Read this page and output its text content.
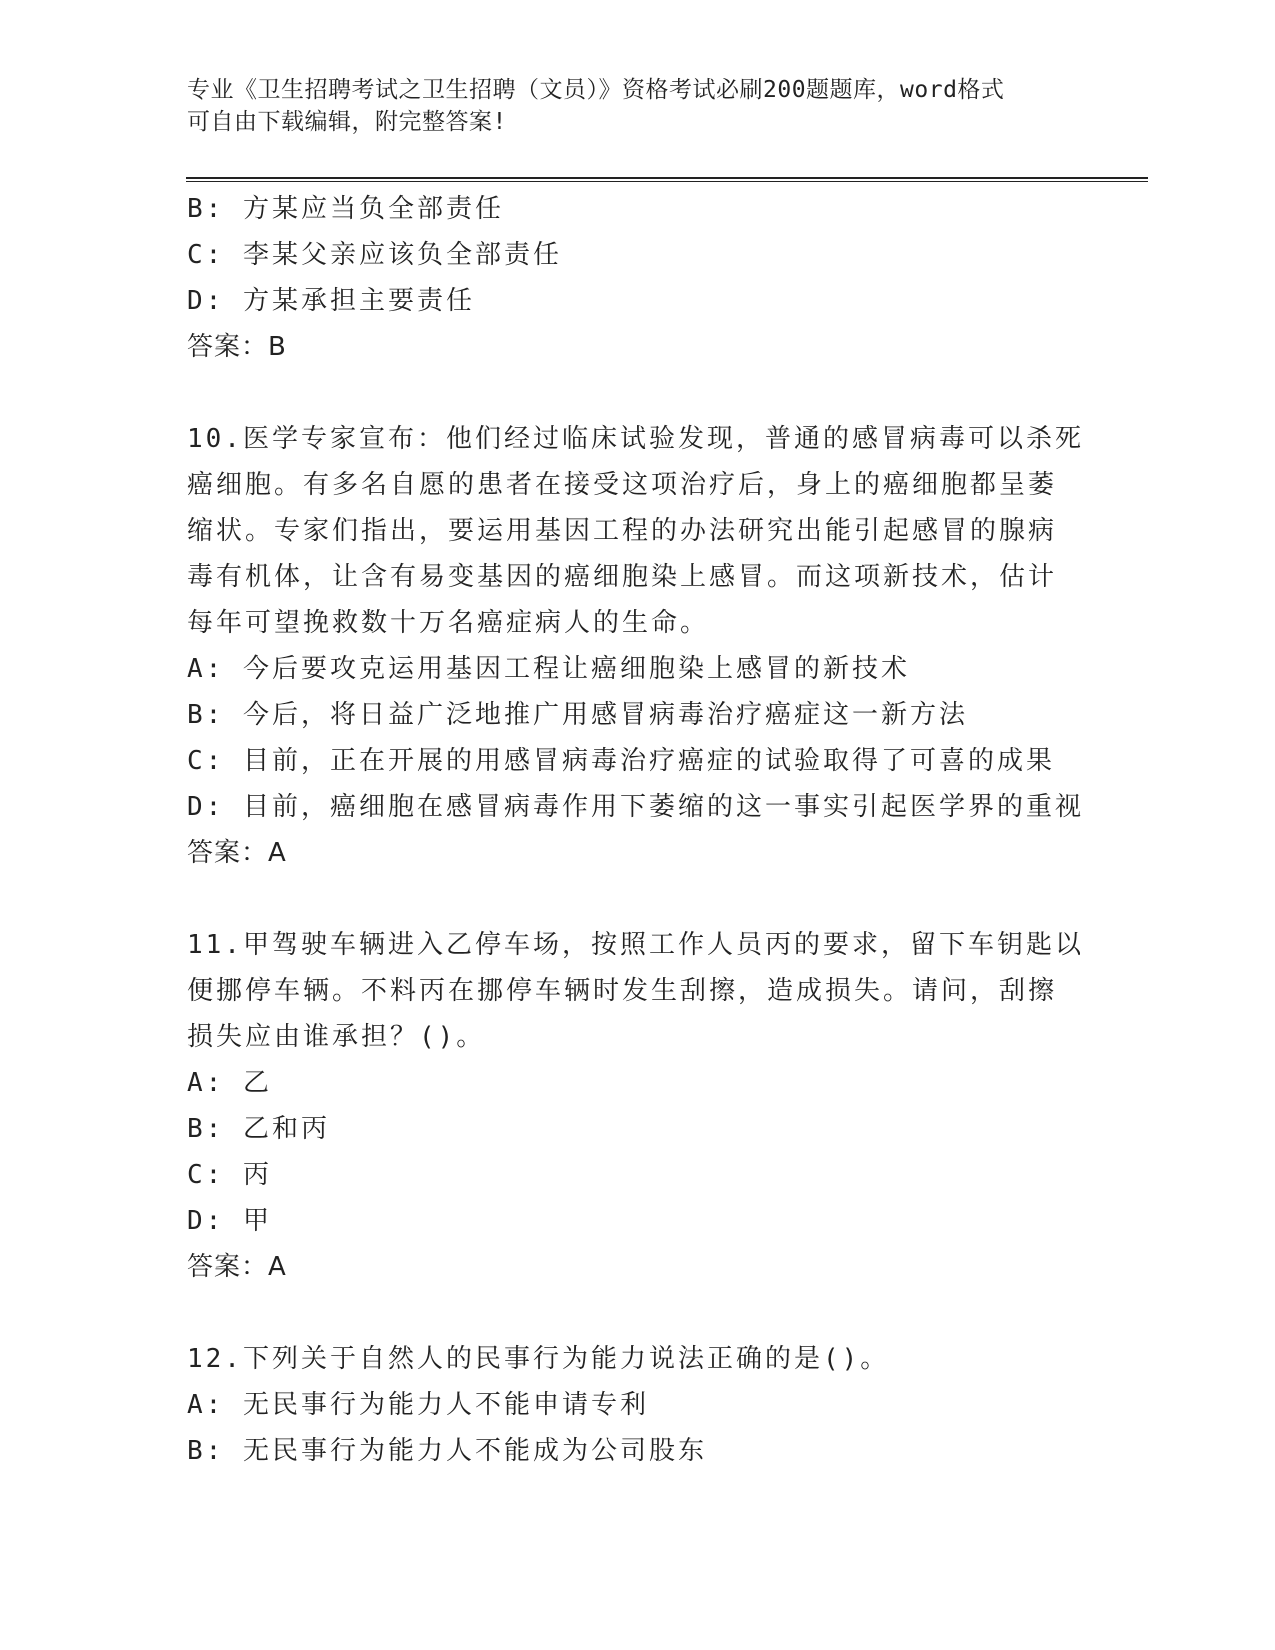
专业《卫生招聘考试之卫生招聘（文员）》资格考试必刷200题题库，word格式
可自由下载编辑，附完整答案!

B: 方某应当负全部责任

C: 李某父亲应该负全部责任

D: 方某承担主要责任

答案：B

10.医学专家宣布：他们经过临床试验发现，普通的感冒病毒可以杀死

癌细胞。有多名自愿的患者在接受这项治疗后，身上的癌细胞都呈萎

缩状。专家们指出，要运用基因工程的办法研究出能引起感冒的腺病

毒有机体，让含有易变基因的癌细胞染上感冒。而这项新技术，估计

每年可望挽救数十万名癌症病人的生命。

A: 今后要攻克运用基因工程让癌细胞染上感冒的新技术

B: 今后，将日益广泛地推广用感冒病毒治疗癌症这一新方法

C: 目前，正在开展的用感冒病毒治疗癌症的试验取得了可喜的成果

D: 目前，癌细胞在感冒病毒作用下萎缩的这一事实引起医学界的重视

答案：A

11.甲驾驶车辆进入乙停车场，按照工作人员丙的要求，留下车钥匙以

便挪停车辆。不料丙在挪停车辆时发生刮擦，造成损失。请问，刮擦

损失应由谁承担？()。

A: 乙

B: 乙和丙

C: 丙

D: 甲

答案：A

12.下列关于自然人的民事行为能力说法正确的是()。

A: 无民事行为能力人不能申请专利

B: 无民事行为能力人不能成为公司股东
